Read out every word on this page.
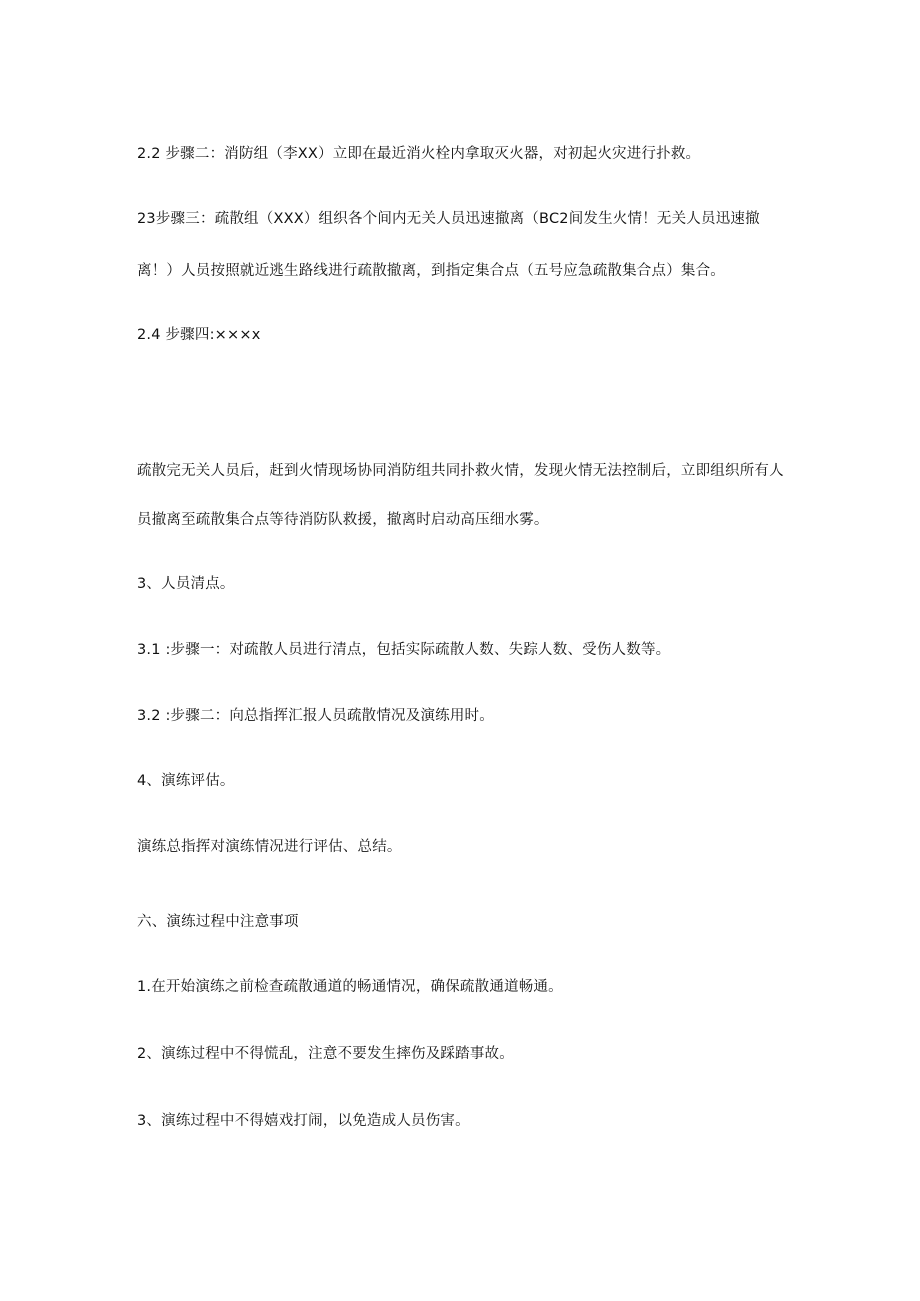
2.2 步骤二：消防组（李XX）立即在最近消火栓内拿取灭火器，对初起火灾进行扑救。
23步骤三：疏散组（XXX）组织各个间内无关人员迅速撤离（BC2间发生火情！无关人员迅速撤
离！）人员按照就近逃生路线进行疏散撤离，到指定集合点（五号应急疏散集合点）集合。
2.4 步骤四:×××x
疏散完无关人员后，赶到火情现场协同消防组共同扑救火情，发现火情无法控制后，立即组织所有人
员撤离至疏散集合点等待消防队救援，撤离时启动高压细水雾。
3、人员清点。
3.1 :步骤一：对疏散人员进行清点，包括实际疏散人数、失踪人数、受伤人数等。
3.2 :步骤二：向总指挥汇报人员疏散情况及演练用时。
4、演练评估。
演练总指挥对演练情况进行评估、总结。
六、演练过程中注意事项
1.在开始演练之前检查疏散通道的畅通情况，确保疏散通道畅通。
2、演练过程中不得慌乱，注意不要发生摔伤及踩踏事故。
3、演练过程中不得嬉戏打闹，以免造成人员伤害。
